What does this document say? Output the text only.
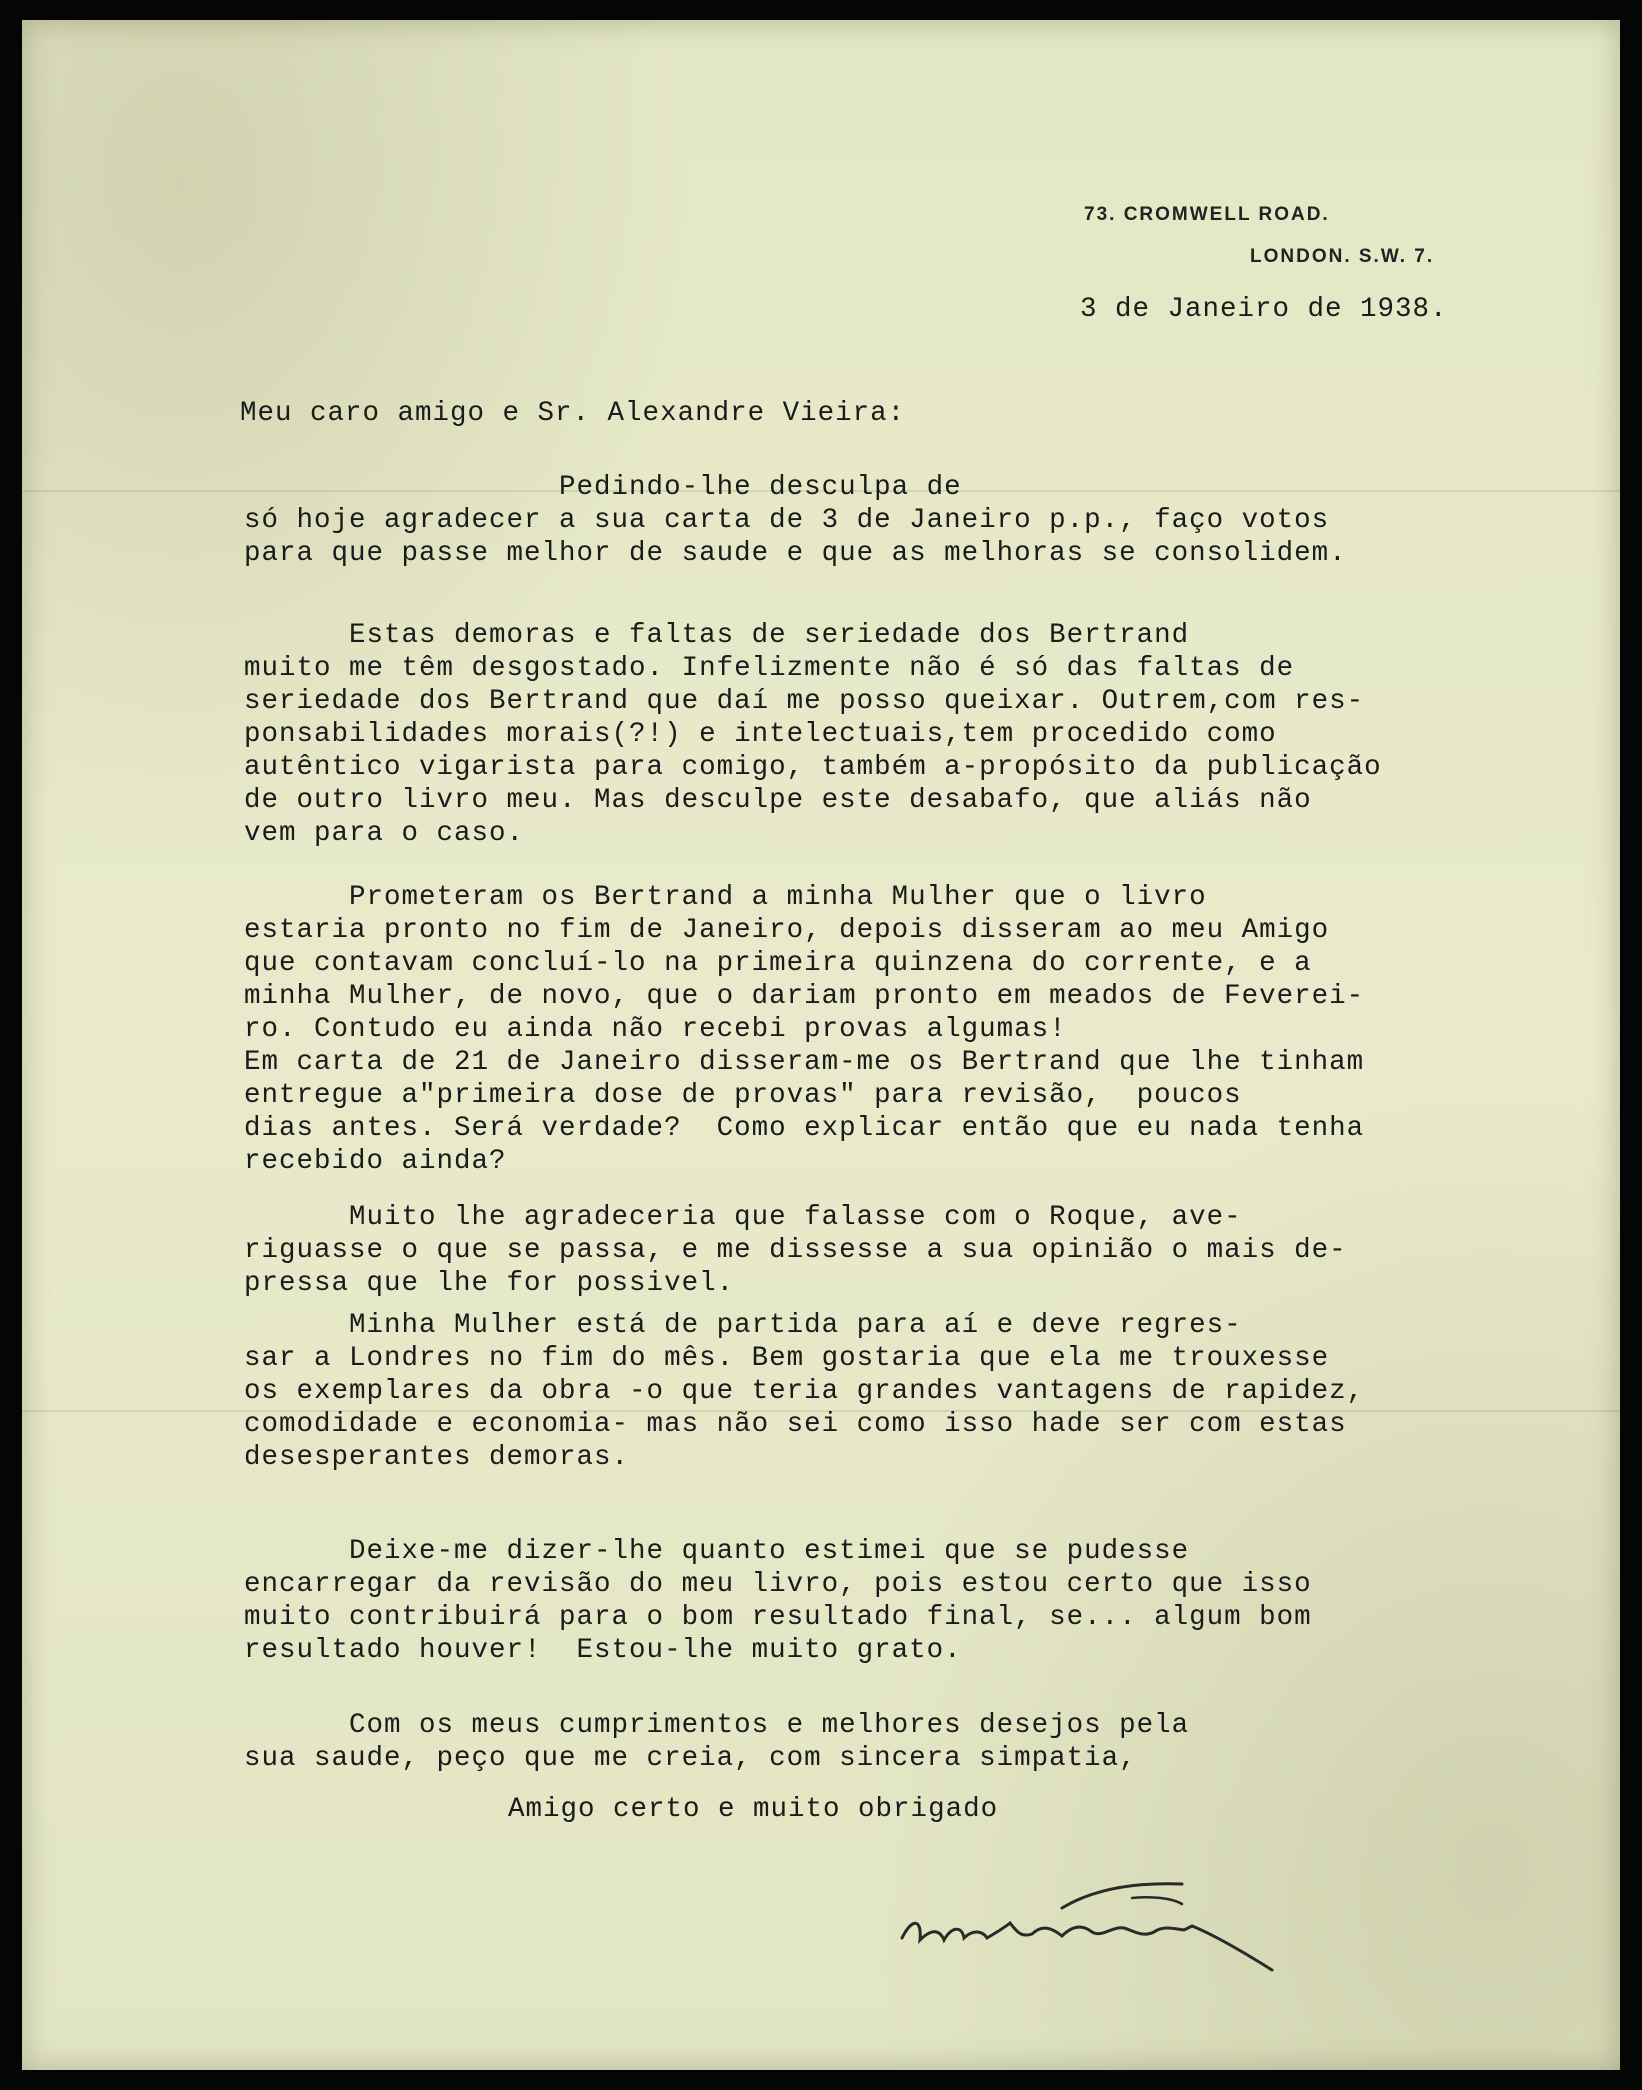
73. CROMWELL ROAD.
LONDON. S.W. 7.
3 de Janeiro de 1938.
Meu caro amigo e Sr. Alexandre Vieira:
Amigo certo e muito obrigado
Pedindo-lhe desculpa de
só hoje agradecer a sua carta de 3 de Janeiro p.p., faço votos
para que passe melhor de saude e que as melhoras se consolidem.
Estas demoras e faltas de seriedade dos Bertrand
muito me têm desgostado. Infelizmente não é só das faltas de
seriedade dos Bertrand que daí me posso queixar. Outrem,com res-
ponsabilidades morais(?!) e intelectuais,tem procedido como
autêntico vigarista para comigo, também a-propósito da publicação
de outro livro meu. Mas desculpe este desabafo, que aliás não
vem para o caso.
Prometeram os Bertrand a minha Mulher que o livro
estaria pronto no fim de Janeiro, depois disseram ao meu Amigo
que contavam concluí-lo na primeira quinzena do corrente, e a
minha Mulher, de novo, que o dariam pronto em meados de Feverei-
ro. Contudo eu ainda não recebi provas algumas!
Em carta de 21 de Janeiro disseram-me os Bertrand que lhe tinham
entregue a"primeira dose de provas" para revisão,  poucos
dias antes. Será verdade?  Como explicar então que eu nada tenha
recebido ainda?
Muito lhe agradeceria que falasse com o Roque, ave-
riguasse o que se passa, e me dissesse a sua opinião o mais de-
pressa que lhe for possivel.
Minha Mulher está de partida para aí e deve regres-
sar a Londres no fim do mês. Bem gostaria que ela me trouxesse
os exemplares da obra -o que teria grandes vantagens de rapidez,
comodidade e economia- mas não sei como isso hade ser com estas
desesperantes demoras.
Deixe-me dizer-lhe quanto estimei que se pudesse
encarregar da revisão do meu livro, pois estou certo que isso
muito contribuirá para o bom resultado final, se... algum bom
resultado houver!  Estou-lhe muito grato.
Com os meus cumprimentos e melhores desejos pela
sua saude, peço que me creia, com sincera simpatia,
